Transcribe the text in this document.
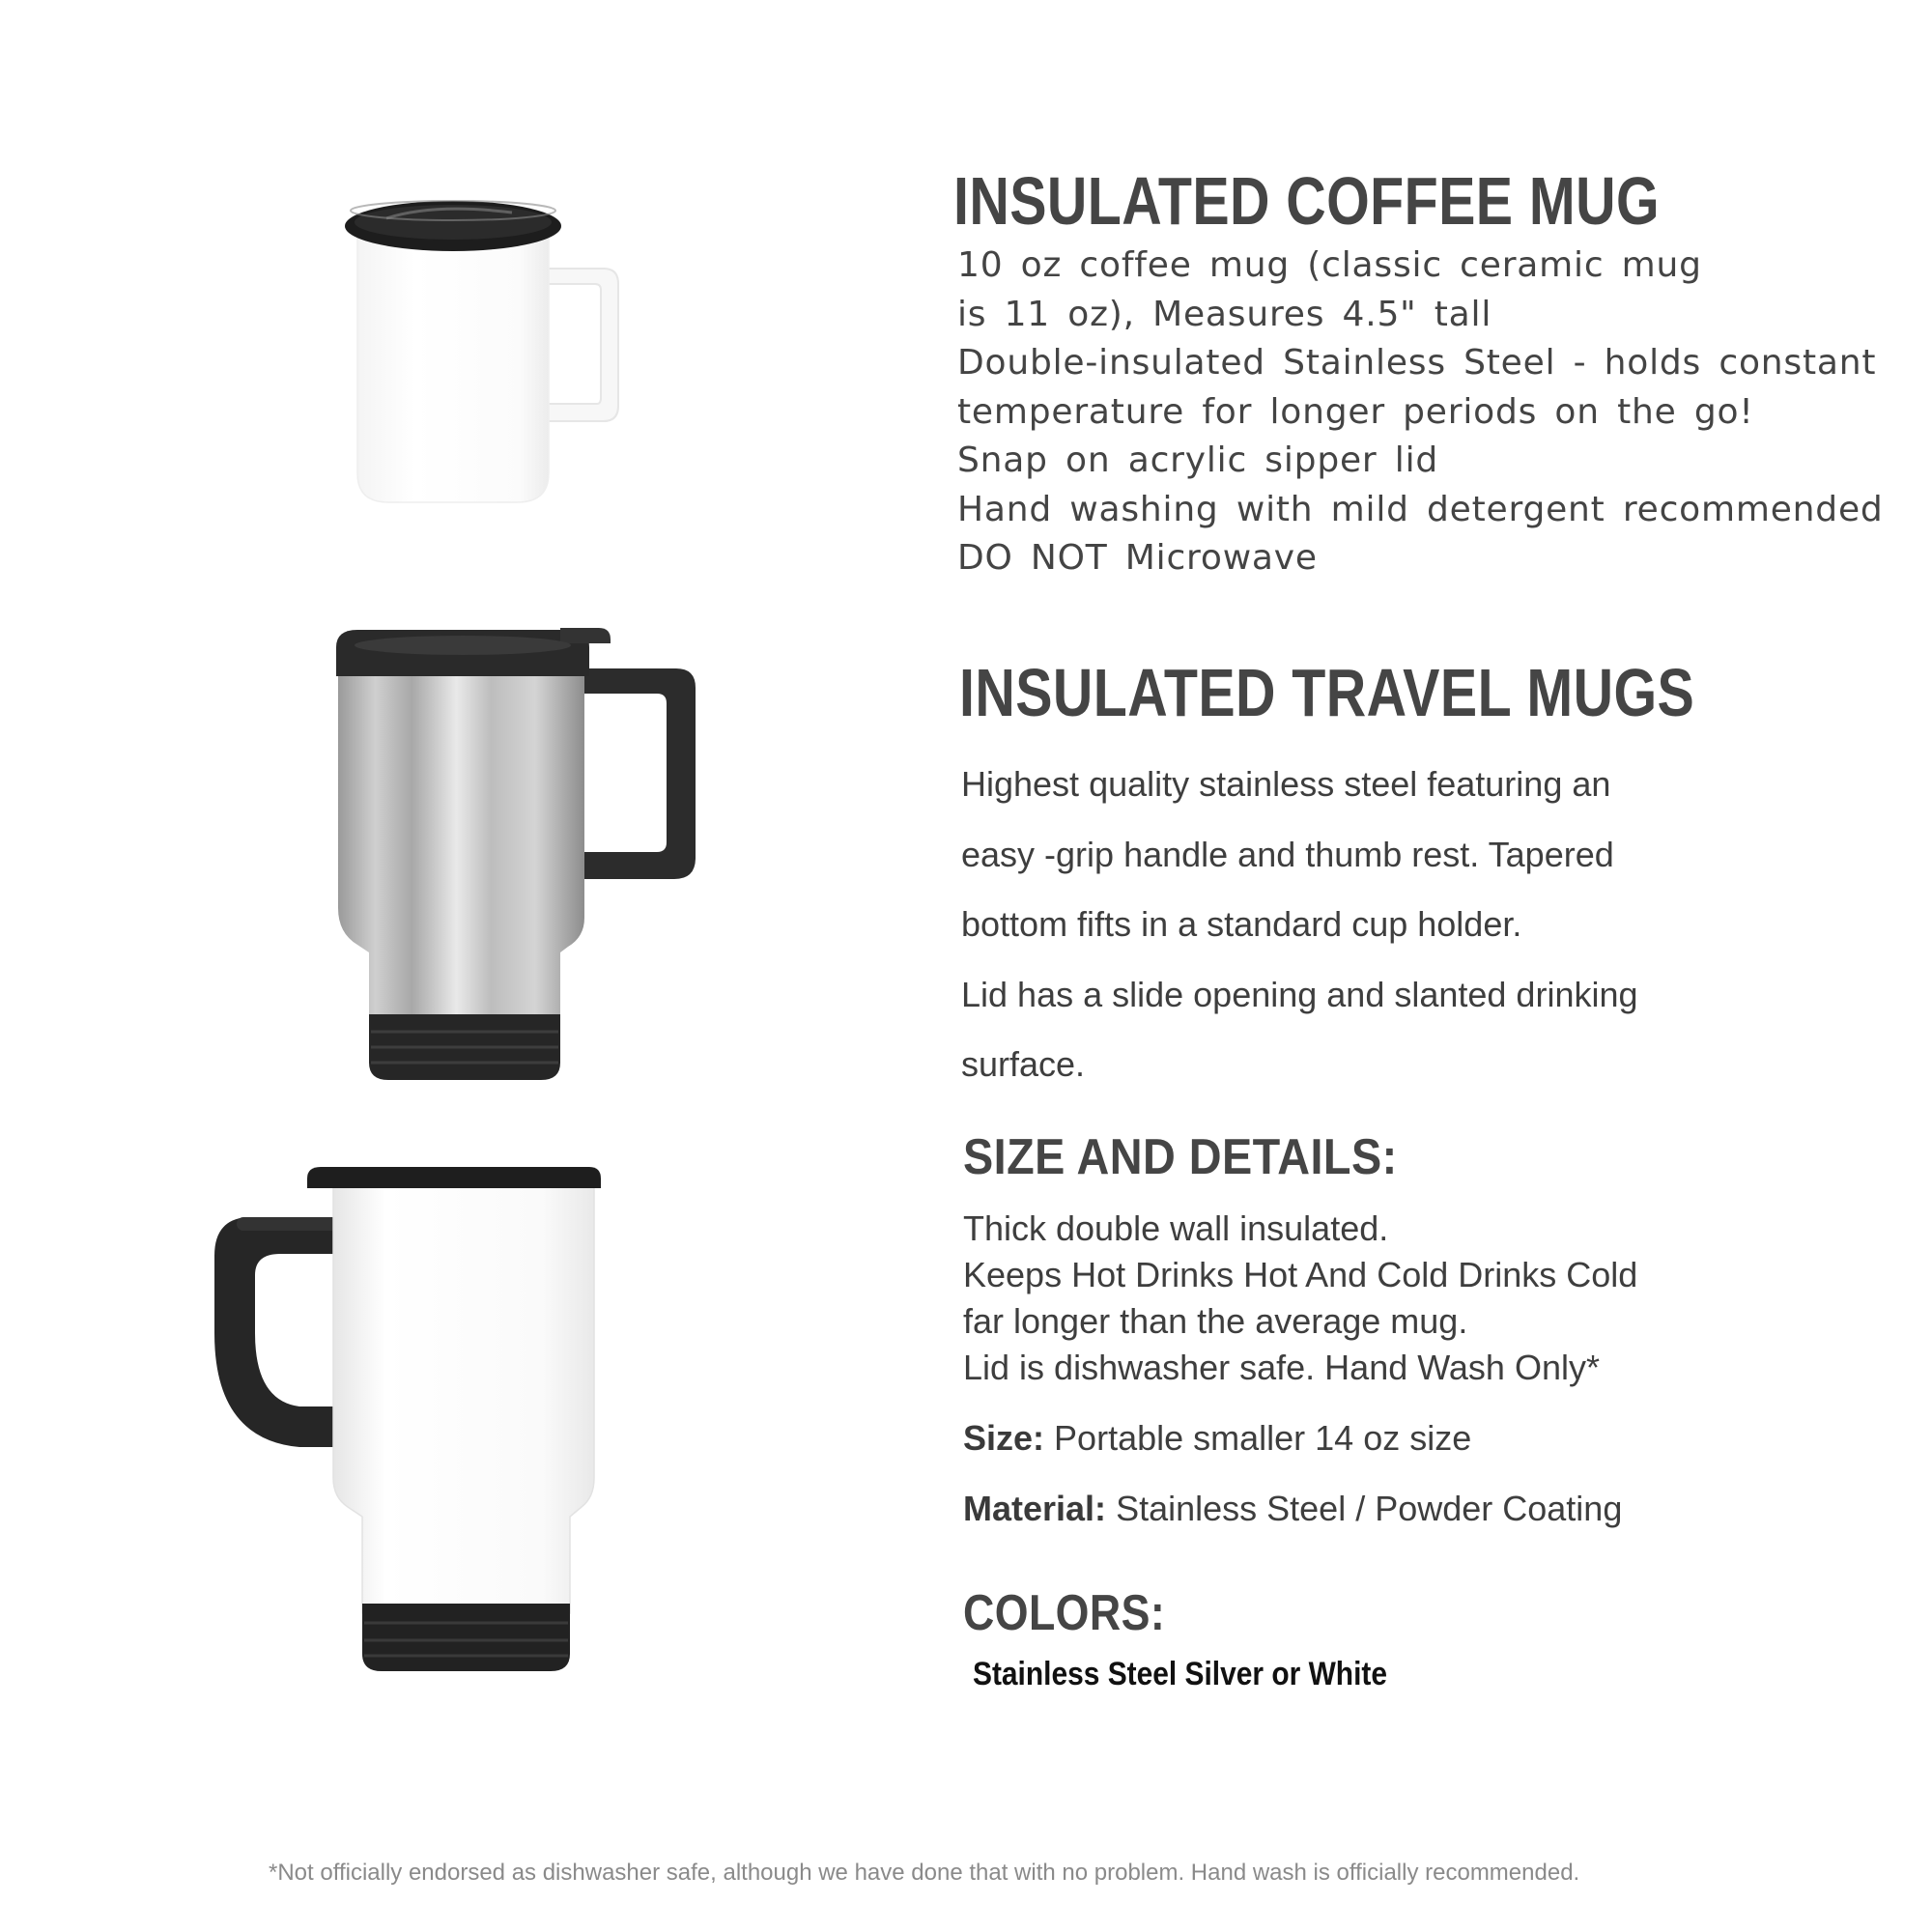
INSULATED COFFEE MUG
10 oz coffee mug (classic ceramic mug
is 11 oz), Measures 4.5" tall
Double-insulated Stainless Steel - holds constant
temperature for longer periods on the go!
Snap on acrylic sipper lid
Hand washing with mild detergent recommended
DO NOT Microwave
INSULATED TRAVEL MUGS
Highest quality stainless steel featuring an
easy -grip handle and thumb rest. Tapered
bottom fifts in a standard cup holder.
Lid has a slide opening and slanted drinking
surface.
SIZE AND DETAILS:
Thick double wall insulated.
Keeps Hot Drinks Hot And Cold Drinks Cold
far longer than the average mug.
Lid is dishwasher safe. Hand Wash Only*
Size: Portable smaller 14 oz size
Material: Stainless Steel / Powder Coating
COLORS:
Stainless Steel Silver or White
*Not officially endorsed as dishwasher safe, although we have done that with no problem. Hand wash is officially recommended.
